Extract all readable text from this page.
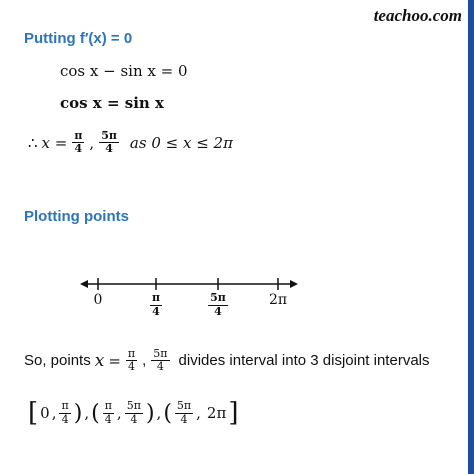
teachoo.com
Putting f′(x) = 0
cos x − sin x = 0
cos x = sin x
∴ $x = \frac{\pi}{4}$ , $\frac{5\pi}{4}$ as 0 ≤ x ≤ 2π
Plotting points
0	$\frac{\pi}{4}$	$\frac{5\pi}{4}$	2π
So, points $x = \frac{\pi}{4}$ , $\frac{5\pi}{4}$ divides interval into 3 disjoint intervals
[ 0 , $\frac{\pi}{4}$ ) , ( $\frac{\pi}{4}$ , $\frac{5\pi}{4}$ ) , ( $\frac{5\pi}{4}$ , 2π ]
